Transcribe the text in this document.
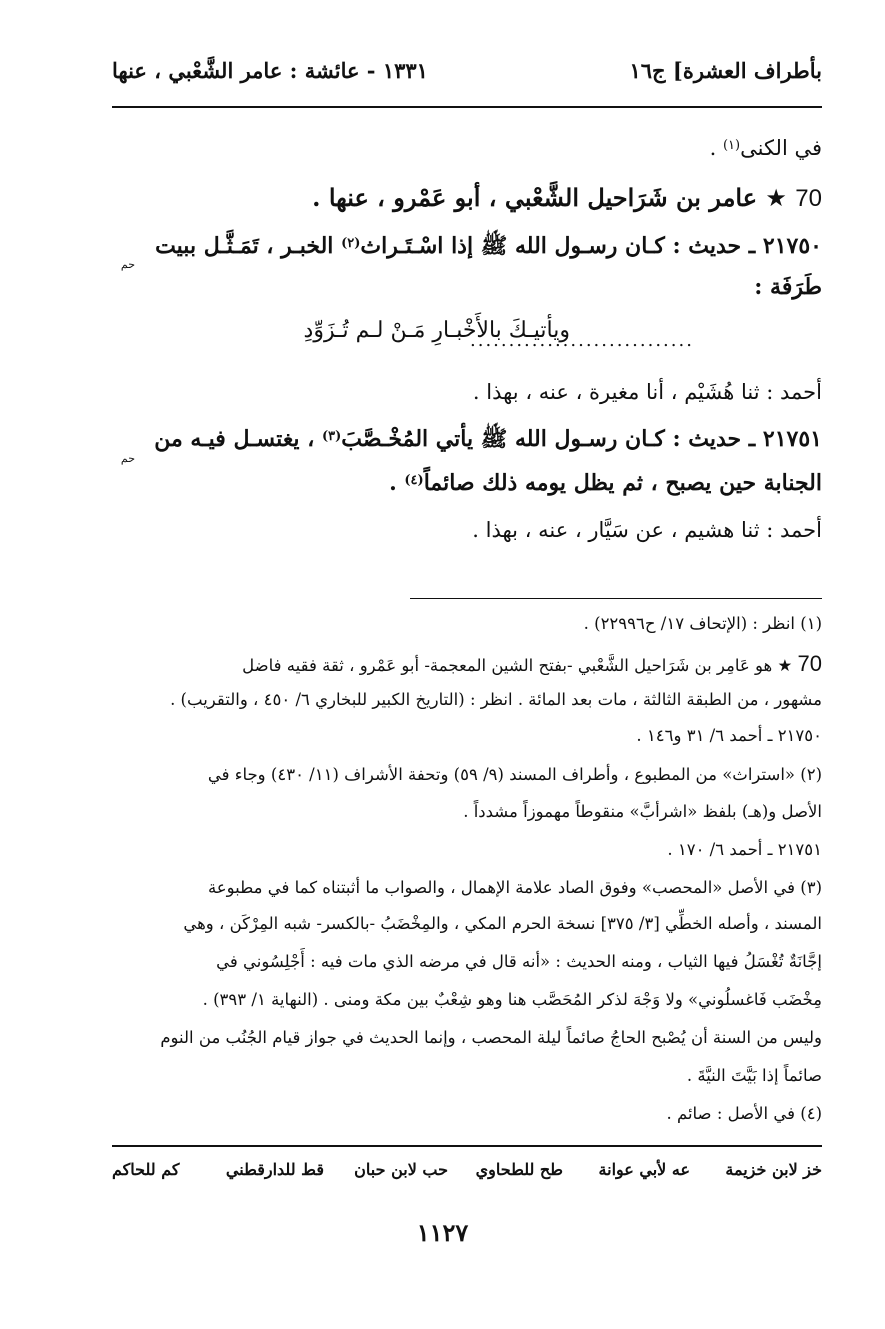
بأطراف العشرة] ج١٦
١٣٣١ - عائشة : عامر الشَّعْبي ، عنها
في الكنى$^{(١)}$ .
70 ★ عامر بن شَرَاحيل الشَّعْبي ، أبو عَمْرو ، عنها .
٢١٧٥٠ ـ حديث : كـان رسـول الله ﷺ إذا اسْـتَـراث$^{(٢)}$ الخبـر ، تَمَـثَّـل ببيت
حم
طَرَفَة :
ويأتيـكَ بالأَخْبـارِ مَـنْ لـم تُـزَوِّدِ
.............................
أحمد : ثنا هُشَيْم ، أنا مغيرة ، عنه ، بهذا .
٢١٧٥١ ـ حديث : كـان رسـول الله ﷺ يأتي المُخْـصَّبَ$^{(٣)}$ ، يغتسـل فيـه من
حم
الجنابة حين يصبح ، ثم يظل يومه ذلك صائماً$^{(٤)}$ .
أحمد : ثنا هشيم ، عن سَيَّار ، عنه ، بهذا .
(١) انظر : (الإتحاف ١٧/ ح٢٢٩٩٦) .
70 ★ هو عَامِر بن شَرَاحيل الشَّعْبي -بفتح الشين المعجمة- أبو عَمْرو ، ثقة فقيه فاضل
مشهور ، من الطبقة الثالثة ، مات بعد المائة . انظر : (التاريخ الكبير للبخاري ٦/ ٤٥٠ ، والتقريب) .
٢١٧٥٠ ـ أحمد ٦/ ٣١ و١٤٦ .
(٢) «استراث» من المطبوع ، وأطراف المسند (٩/ ٥٩) وتحفة الأشراف (١١/ ٤٣٠) وجاء في
الأصل و(هـ) بلفظ «اشرأبَّ» منقوطاً مهموزاً مشدداً .
٢١٧٥١ ـ أحمد ٦/ ١٧٠ .
(٣) في الأصل «المحصب» وفوق الصاد علامة الإهمال ، والصواب ما أثبتناه كما في مطبوعة
المسند ، وأصله الخطِّي [٣/ ٣٧٥] نسخة الحرم المكي ، والمِخْضَبُ -بالكسر- شبه المِرْكَن ، وهي
إجَّانَةٌ تُغْسَلُ فيها الثياب ، ومنه الحديث : «أنه قال في مرضه الذي مات فيه : أَجْلِسُوني في
مِخْضَب فَاغسلُوني» ولا وَجْهَ لذكر المُحَصَّب هنا وهو شِعْبٌ بين مكة ومنى . (النهاية ١/ ٣٩٣) .
وليس من السنة أن يُصْبح الحاجُ صائماً ليلة المحصب ، وإنما الحديث في جواز قيام الجُنُب من النوم
صائماً إذا بَيَّتَ النيَّةَ .
(٤) في الأصل : صائم .
خز لابن خزيمة
عه لأبي عوانة
طح للطحاوي
حب لابن حبان
قط للدارقطني
كم للحاكم
١١٢٧
